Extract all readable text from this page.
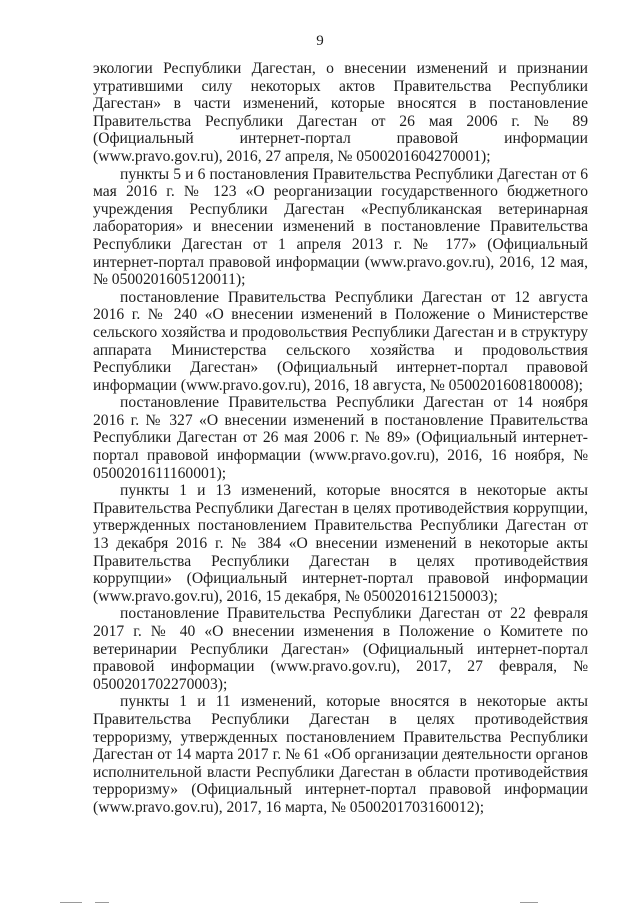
9

экологии Республики Дагестан, о внесении изменений и признании утратившими силу некоторых актов Правительства Республики Дагестан» в части изменений, которые вносятся в постановление Правительства Республики Дагестан от 26 мая 2006 г. № 89 (Официальный интернет-портал правовой информации (www.pravo.gov.ru), 2016, 27 апреля, № 0500201604270001);

пункты 5 и 6 постановления Правительства Республики Дагестан от 6 мая 2016 г. № 123 «О реорганизации государственного бюджетного учреждения Республики Дагестан «Республиканская ветеринарная лаборатория» и внесении изменений в постановление Правительства Республики Дагестан от 1 апреля 2013 г. № 177» (Официальный интернет-портал правовой информации (www.pravo.gov.ru), 2016, 12 мая, № 0500201605120011);

постановление Правительства Республики Дагестан от 12 августа 2016 г. № 240 «О внесении изменений в Положение о Министерстве сельского хозяйства и продовольствия Республики Дагестан и в структуру аппарата Министерства сельского хозяйства и продовольствия Республики Дагестан» (Официальный интернет-портал правовой информации (www.pravo.gov.ru), 2016, 18 августа, № 0500201608180008);

постановление Правительства Республики Дагестан от 14 ноября 2016 г. № 327 «О внесении изменений в постановление Правительства Республики Дагестан от 26 мая 2006 г. № 89» (Официальный интернет-портал правовой информации (www.pravo.gov.ru), 2016, 16 ноября, № 0500201611160001);

пункты 1 и 13 изменений, которые вносятся в некоторые акты Правительства Республики Дагестан в целях противодействия коррупции, утвержденных постановлением Правительства Республики Дагестан от 13 декабря 2016 г. № 384 «О внесении изменений в некоторые акты Правительства Республики Дагестан в целях противодействия коррупции» (Официальный интернет-портал правовой информации (www.pravo.gov.ru), 2016, 15 декабря, № 0500201612150003);

постановление Правительства Республики Дагестан от 22 февраля 2017 г. № 40 «О внесении изменения в Положение о Комитете по ветеринарии Республики Дагестан» (Официальный интернет-портал правовой информации (www.pravo.gov.ru), 2017, 27 февраля, № 0500201702270003);

пункты 1 и 11 изменений, которые вносятся в некоторые акты Правительства Республики Дагестан в целях противодействия терроризму, утвержденных постановлением Правительства Республики Дагестан от 14 марта 2017 г. № 61 «Об организации деятельности органов исполнительной власти Республики Дагестан в области противодействия терроризму» (Официальный интернет-портал правовой информации (www.pravo.gov.ru), 2017, 16 марта, № 0500201703160012);
